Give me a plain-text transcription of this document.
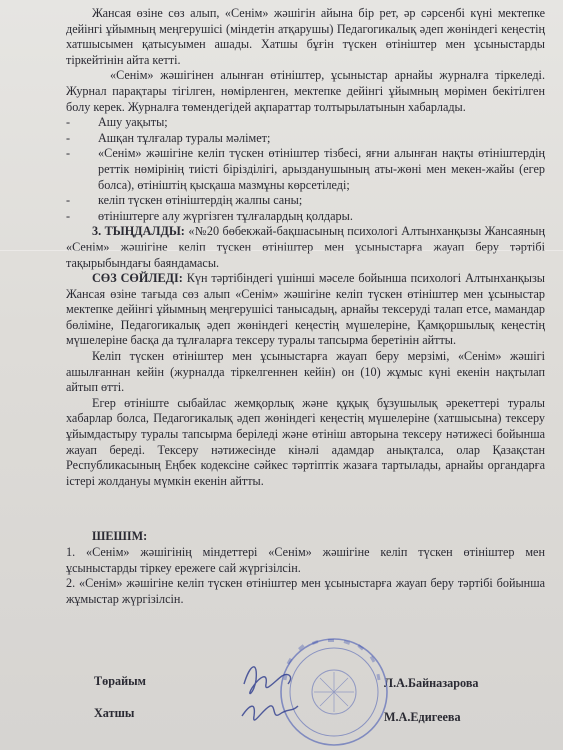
Жансая өзіне сөз алып, «Сенім» жәшігін айына бір рет, әр сәрсенбі күні мектепке дейінгі ұйымның меңгерушісі (міндетін атқарушы) Педагогикалық әдеп жөніндегі кеңестің хатшысымен қатысуымен ашады. Хатшы бұғін түскен өтініштер мен ұсыныстарды тіркейтінін айта кетті.

«Сенім» жәшігінен алынған өтініштер, ұсыныстар арнайы журналға тіркеледі. Журнал парақтары тігілген, нөмірленген, мектепке дейінгі ұйымның мөрімен бекітілген болу керек. Журналға төмендегідей ақпараттар толтырылатынын хабарлады.

-	Ашу уақыты;
-	Ашқан тұлғалар туралы мәлімет;
-	«Сенім» жәшігіне келіп түскен өтініштер тізбесі, яғни алынған нақты өтініштердің реттік нөмірінің тиісті бірізділігі, арызданушының аты-жөні мен мекен-жайы (егер болса), өтініштің қысқаша мазмұны көрсетіледі;
-	келіп түскен өтініштердің жалпы саны;
-	өтініштерге алу жүргізген тұлғалардың қолдары.

3. ТЫҢДАЛДЫ: «№20 бөбекжай-бақшасының психологі Алтынханқызы Жансаяның «Сенім» жәшігіне келіп түскен өтініштер мен ұсыныстарға жауап беру тәртібі тақырыбындағы баяндамасы.

СӨЗ СӨЙЛЕДІ: Күн тәртібіндегі үшінші мәселе бойынша психологі Алтынханқызы Жансая өзіне тағыда сөз алып «Сенім» жәшігіне келіп түскен өтініштер мен ұсыныстар мектепке дейінгі ұйымның меңгерушісі танысадың, арнайы тексеруді талап етсе, мамандар бөліміне, Педагогикалық әдеп жөніндегі кеңестің мүшелеріне, Қамқоршылық кеңестің мүшелеріне басқа да тұлғаларға тексеру туралы тапсырма беретінін айтты.

Келіп түскен өтініштер мен ұсыныстарға жауап беру мерзімі, «Сенім» жәшігі ашылғаннан кейін (журналда тіркелгеннен кейін) он (10) жұмыс күні екенін нақтылап айтып өтті.

Егер өтініште сыбайлас жемқорлық және құқық бұзушылық әрекеттері туралы хабарлар болса, Педагогикалық әдеп жөніндегі кеңестің мүшелеріне (хатшысына) тексеру ұйымдастыру туралы тапсырма беріледі және өтініш авторына тексеру нәтижесі бойынша жауап береді. Тексеру нәтижесінде кінәлі адамдар анықталса, олар Қазақстан Республикасының Еңбек кодексіне сәйкес тәртіптік жазаға тартылады, арнайы органдарға істері жолдануы мүмкін екенін айтты.

ШЕШІМ:

1. «Сенім» жәшігінің міндеттері «Сенім» жәшігіне келіп түскен өтініштер мен ұсыныстарды тіркеу ережеге сай жүргізілсін.

2. «Сенім» жәшігіне келіп түскен өтініштер мен ұсыныстарға жауап беру тәртібі бойынша жұмыстар жүргізілсін.

Төрайым	Л.А.Байназарова
Хатшы	М.А.Едигеева
